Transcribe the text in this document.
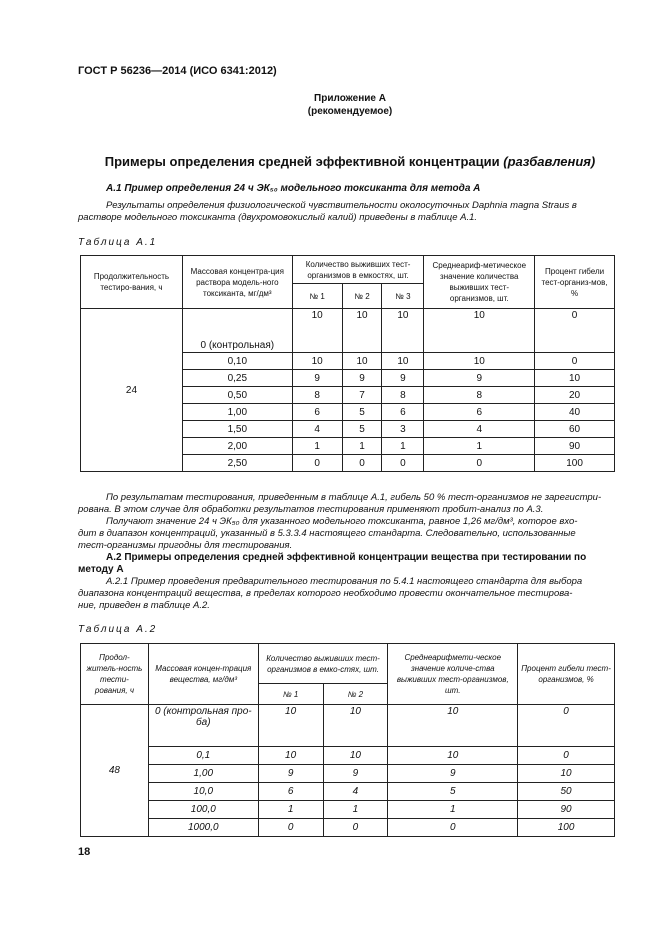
ГОСТ Р 56236—2014 (ИСО 6341:2012)
Приложение А
(рекомендуемое)
Примеры определения средней эффективной концентрации (разбавления)
А.1 Пример определения 24 ч ЭК₅₀ модельного токсиканта для метода А
Результаты определения физиологической чувствительности околосуточных Daphnia magna Straus в
растворе модельного токсиканта (двухромовокислый калий) приведены в таблице А.1.
Таблица А.1
Продолжительность тестиро-вания, ч	Массовая концентра-ция раствора модель-ного токсиканта, мг/дм³	Количество выживших тест-организмов в емкостях, шт.			Среднеариф-метическое значение количества выживших тест-организмов, шт.	Процент гибели тест-организ-мов, %
		№ 1	№ 2	№ 3		
24	0 (контрольная)	10	10	10	10	0
	0,10	10	10	10	10	0
	0,25	9	9	9	9	10
	0,50	8	7	8	8	20
	1,00	6	5	6	6	40
	1,50	4	5	3	4	60
	2,00	1	1	1	1	90
	2,50	0	0	0	0	100
По результатам тестирования, приведенным в таблице А.1, гибель 50 % тест-организмов не зарегистри-
рована. В этом случае для обработки результатов тестирования применяют пробит-анализ по А.3.
Получают значение 24 ч ЭК₅₀ для указанного модельного токсиканта, равное 1,26 мг/дм³, которое вхо-
дит в диапазон концентраций, указанный в 5.3.3.4 настоящего стандарта. Следовательно, использованные
тест-организмы пригодны для тестирования.
А.2 Примеры определения средней эффективной концентрации вещества при тестировании по
методу А
А.2.1 Пример проведения предварительного тестирования по 5.4.1 настоящего стандарта для выбора
диапазона концентраций вещества, в пределах которого необходимо провести окончательное тестирова-
ние, приведен в таблице А.2.
Таблица А.2
Продол-житель-ность тести-рования, ч	Массовая концен-трация вещества, мг/дм³	Количество выживших тест-организмов в емко-стях, шт.		Среднеарифмети-ческое значение количе-ства выживших тест-организмов, шт.	Процент гибели тест-организмов, %
		№ 1	№ 2		
48	0 (контрольная про-ба)	10	10	10	0
	0,1	10	10	10	0
	1,00	9	9	9	10
	10,0	6	4	5	50
	100,0	1	1	1	90
	1000,0	0	0	0	100
18
